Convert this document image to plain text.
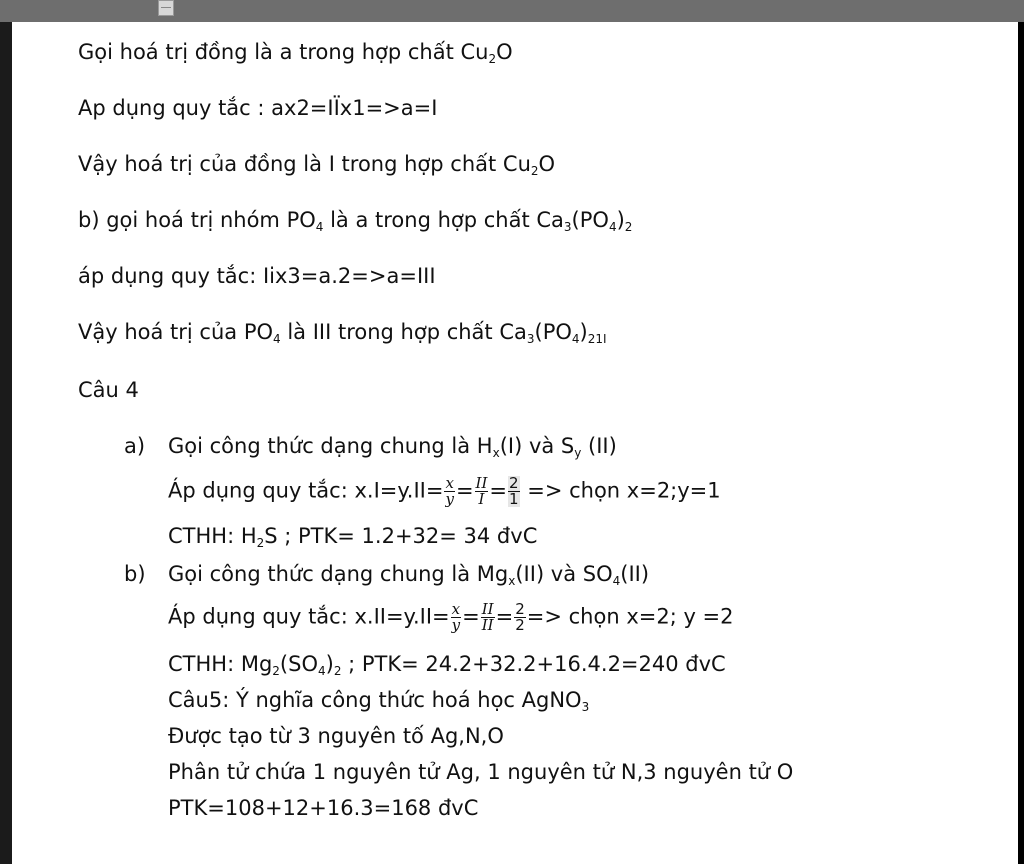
Gọi hoá trị đồng là a trong hợp chất $Cu_2O$
Ap dụng quy tắc : ax2=IÏx1=>a=I
Vậy hoá trị của đồng là I trong hợp chất $Cu_2O$
b) gọi hoá trị nhóm $PO_4$ là a trong hợp chất $Ca_3(PO_4)_2$
áp dụng quy tắc: Iix3=a.2=>a=III
Vậy hoá trị của $PO_4$ là III trong hợp chất $Ca_3(PO_4)_{21I}$
Câu 4
a) Gọi công thức dạng chung là $H_x(I)$ và $S_y$ (II)
Áp dụng quy tắc: $x.I=y.II= \frac{x}{y} = \frac{II}{I} = \frac{2}{1}$ => chọn x=2;y=1
CTHH: $H_2S$ ; PTK= 1.2+32= 34 đvC
b) Gọi công thức dạng chung là $Mg_x(II)$ và $SO_4(II)$
Áp dụng quy tắc: $x.II=y.II= \frac{x}{y} = \frac{II}{II} = \frac{2}{2}$ => chọn x=2; y =2
CTHH: $Mg_2(SO_4)_2$ ; PTK= 24.2+32.2+16.4.2=240 đvC
Câu5: Ý nghĩa công thức hoá học AgNO$_3$
Được tạo từ 3 nguyên tố Ag,N,O
Phân tử chứa 1 nguyên tử Ag, 1 nguyên tử N,3 nguyên tử O
PTK=108+12+16.3=168 đvC
